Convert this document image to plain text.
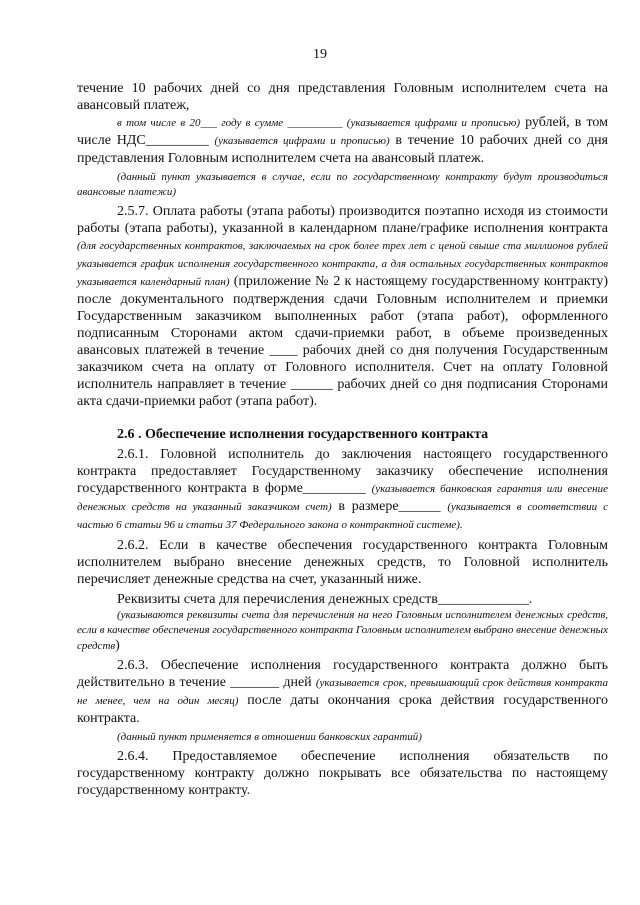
19

течение 10 рабочих дней со дня представления Головным исполнителем счета на авансовый платеж,

в том числе в 20___ году в сумме __________ (указывается цифрами и прописью) рублей, в том числе НДС_________ (указывается цифрами и прописью) в течение 10 рабочих дней со дня представления Головным исполнителем счета на авансовый платеж.

(данный пункт указывается в случае, если по государственному контракту будут производиться авансовые платежи)

2.5.7. Оплата работы (этапа работы) производится поэтапно исходя из стоимости работы (этапа работы), указанной в календарном плане/графике исполнения контракта (для государственных контрактов, заключаемых на срок более трех лет с ценой свыше ста миллионов рублей указывается график исполнения государственного контракта, а для остальных государственных контрактов указывается календарный план) (приложение № 2 к настоящему государственному контракту) после документального подтверждения сдачи Головным исполнителем и приемки Государственным заказчиком выполненных работ (этапа работ), оформленного подписанным Сторонами актом сдачи-приемки работ, в объеме произведенных авансовых платежей в течение ____ рабочих дней со дня получения Государственным заказчиком счета на оплату от Головного исполнителя. Счет на оплату Головной исполнитель направляет в течение ______ рабочих дней со дня подписания Сторонами акта сдачи-приемки работ (этапа работ).

2.6 . Обеспечение исполнения государственного контракта

2.6.1. Головной исполнитель до заключения настоящего государственного контракта предоставляет Государственному заказчику обеспечение исполнения государственного контракта в форме_________ (указывается банковская гарантия или внесение денежных средств на указанный заказчиком счет) в размере______ (указывается в соответствии с частью 6 статьи 96 и статьи 37 Федерального закона о контрактной системе).

2.6.2. Если в качестве обеспечения государственного контракта Головным исполнителем выбрано внесение денежных средств, то Головной исполнитель перечисляет денежные средства на счет, указанный ниже.

Реквизиты счета для перечисления денежных средств_____________.

(указываются реквизиты счета для перечисления на него Головным исполнителем денежных средств, если в качестве обеспечения государственного контракта Головным исполнителем выбрано внесение денежных средств)

2.6.3. Обеспечение исполнения государственного контракта должно быть действительно в течение _______ дней (указывается срок, превышающий срок действия контракта не менее, чем на один месяц) после даты окончания срока действия государственного контракта.

(данный пункт применяется в отношении банковских гарантий)

2.6.4. Предоставляемое обеспечение исполнения обязательств по государственному контракту должно покрывать все обязательства по настоящему государственному контракту.
